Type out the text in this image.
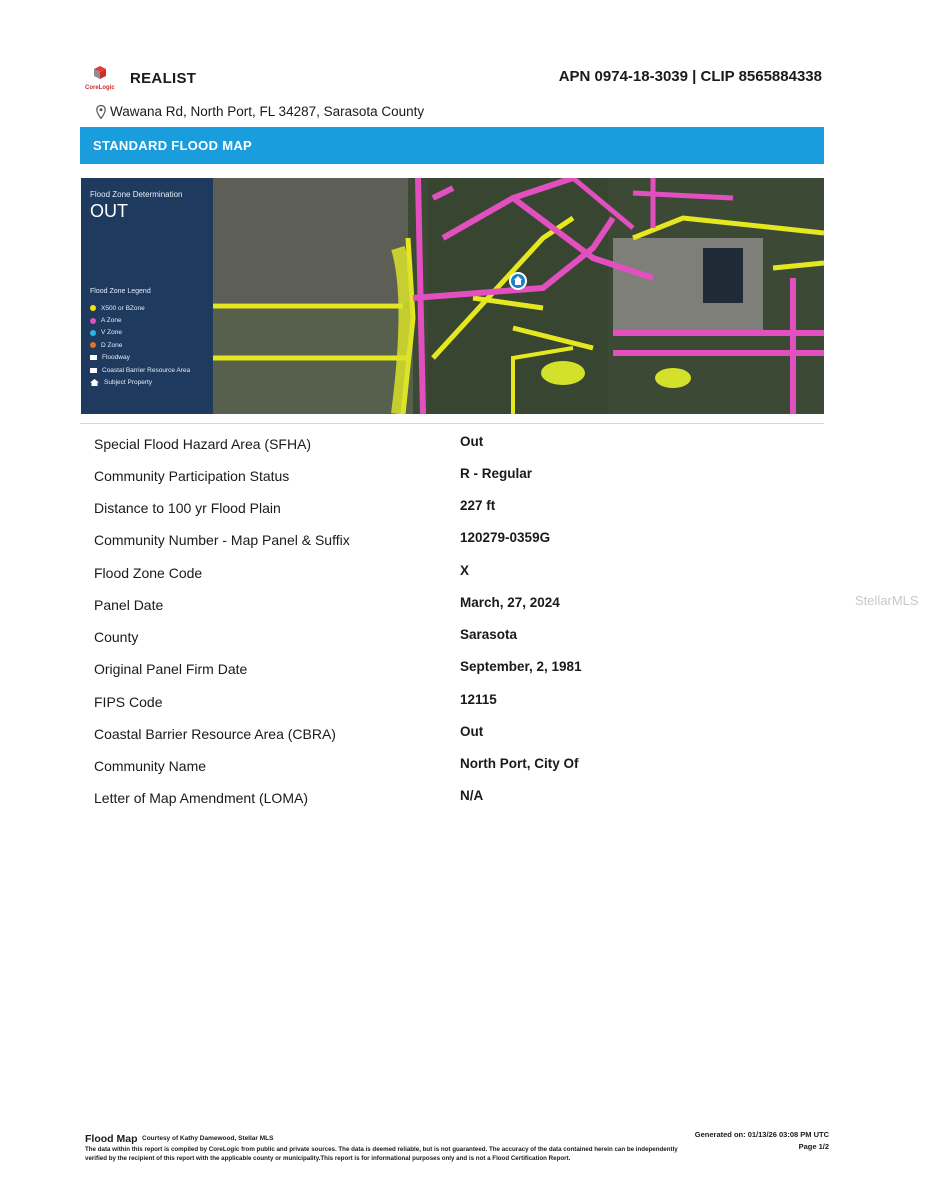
CoreLogic
REALIST	APN 0974-18-3039 | CLIP 8565884338
Wawana Rd, North Port, FL 34287, Sarasota County
STANDARD FLOOD MAP
Flood Zone Determination
OUT
Flood Zone Legend
X500 or BZone
A Zone
V Zone
D Zone
Floodway
Coastal Barrier Resource Area
Subject Property
Special Flood Hazard Area (SFHA)	Out
Community Participation Status	R - Regular
Distance to 100 yr Flood Plain	227 ft
Community Number - Map Panel & Suffix	120279-0359G
Flood Zone Code	X
Panel Date	March, 27, 2024
County	Sarasota
Original Panel Firm Date	September, 2, 1981
FIPS Code	12115
Coastal Barrier Resource Area (CBRA)	Out
Community Name	North Port, City Of
Letter of Map Amendment (LOMA)	N/A
StellarMLS
Flood Map Courtesy of Kathy Damewood, Stellar MLS
The data within this report is compiled by CoreLogic from public and private sources. The data is deemed reliable, but is not guaranteed. The accuracy of the data contained herein can be independently verified by the recipient of this report with the applicable county or municipality.This report is for informational purposes only and is not a Flood Certification Report.
Generated on: 01/13/26 03:08 PM UTC
Page 1/2
